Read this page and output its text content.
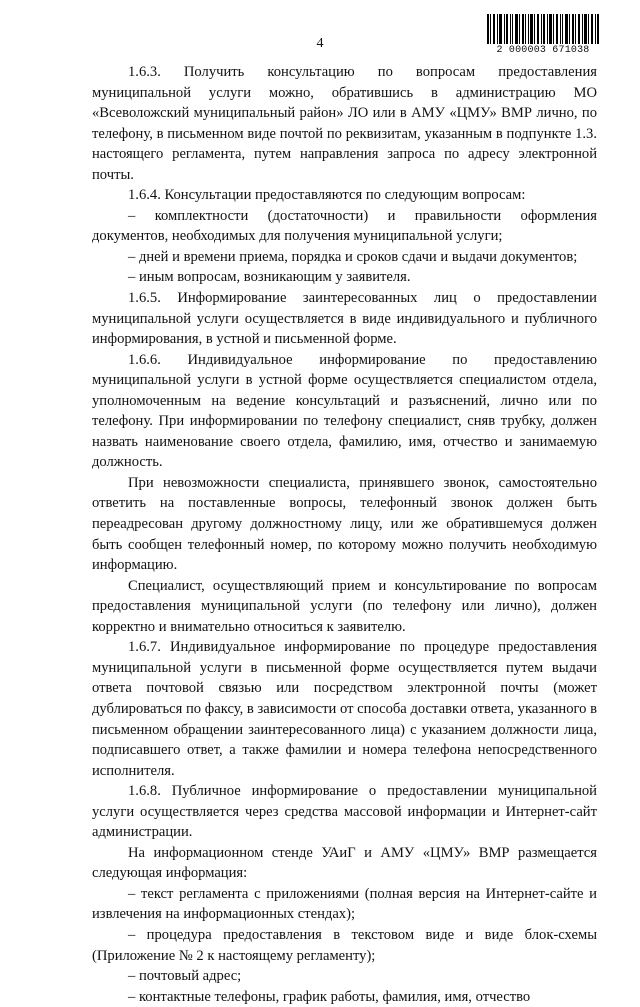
4	2 000003 671038

1.6.3. Получить консультацию по вопросам предоставления муниципальной услуги можно, обратившись в администрацию МО «Всеволожский муниципальный район» ЛО или в АМУ «ЦМУ» ВМР лично, по телефону, в письменном виде почтой по реквизитам, указанным в подпункте 1.3. настоящего регламента, путем направления запроса по адресу электронной почты.

1.6.4. Консультации предоставляются по следующим вопросам:

– комплектности (достаточности) и правильности оформления документов, необходимых для получения муниципальной услуги;

– дней и времени приема, порядка и сроков сдачи и выдачи документов;

– иным вопросам, возникающим у заявителя.

1.6.5. Информирование заинтересованных лиц о предоставлении муниципальной услуги осуществляется в виде индивидуального и публичного информирования, в устной и письменной форме.

1.6.6. Индивидуальное информирование по предоставлению муниципальной услуги в устной форме осуществляется специалистом отдела, уполномоченным на ведение консультаций и разъяснений, лично или по телефону. При информировании по телефону специалист, сняв трубку, должен назвать наименование своего отдела, фамилию, имя, отчество и занимаемую должность.

При невозможности специалиста, принявшего звонок, самостоятельно ответить на поставленные вопросы, телефонный звонок должен быть переадресован другому должностному лицу, или же обратившемуся должен быть сообщен телефонный номер, по которому можно получить необходимую информацию.

Специалист, осуществляющий прием и консультирование по вопросам предоставления муниципальной услуги (по телефону или лично), должен корректно и внимательно относиться к заявителю.

1.6.7. Индивидуальное информирование по процедуре предоставления муниципальной услуги в письменной форме осуществляется путем выдачи ответа почтовой связью или посредством электронной почты (может дублироваться по факсу, в зависимости от способа доставки ответа, указанного в письменном обращении заинтересованного лица) с указанием должности лица, подписавшего ответ, а также фамилии и номера телефона непосредственного исполнителя.

1.6.8. Публичное информирование о предоставлении муниципальной услуги осуществляется через средства массовой информации и Интернет-сайт администрации.

На информационном стенде УАиГ и АМУ «ЦМУ» ВМР размещается следующая информация:

– текст регламента с приложениями (полная версия на Интернет-сайте и извлечения на информационных стендах);

– процедура предоставления в текстовом виде и виде блок-схемы (Приложение № 2 к настоящему регламенту);

– почтовый адрес;

– контактные телефоны, график работы, фамилия, имя, отчество
